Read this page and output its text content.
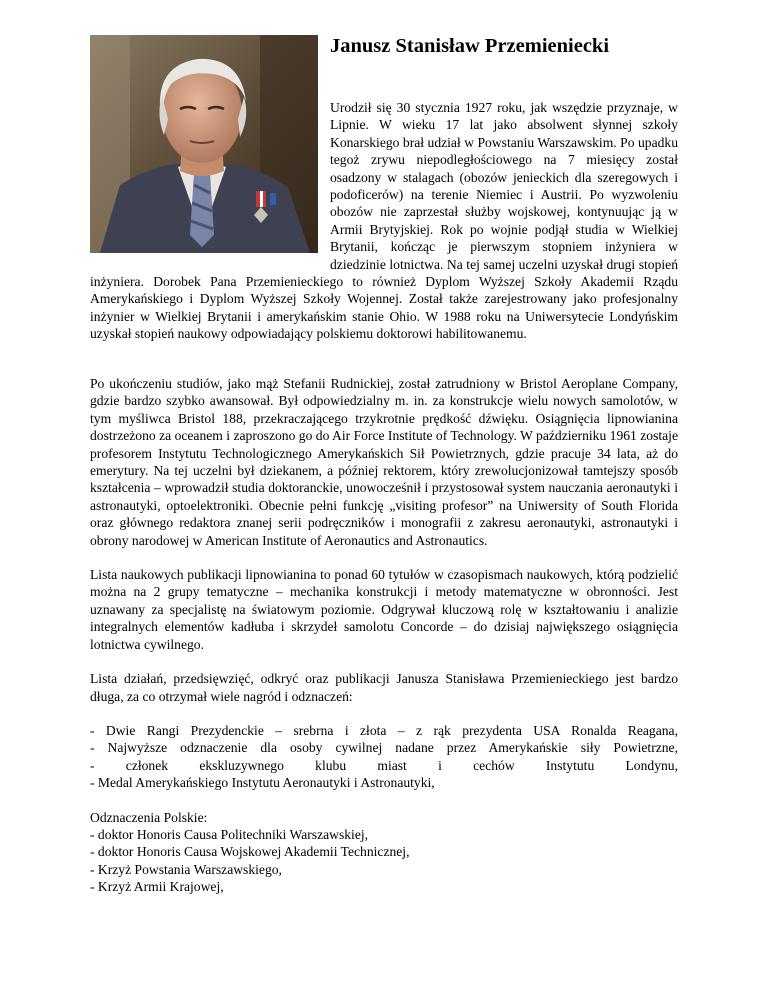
Janusz Stanisław Przemieniecki

Urodził się 30 stycznia 1927 roku, jak wszędzie przyznaje, w Lipnie. W wieku 17 lat jako absolwent słynnej szkoły Konarskiego brał udział w Powstaniu Warszawskim. Po upadku tegoż zrywu niepodległościowego na 7 miesięcy został osadzony w stalagach (obozów jenieckich dla szeregowych i podoficerów) na terenie Niemiec i Austrii. Po wyzwoleniu obozów nie zaprzestał służby wojskowej, kontynuując ją w Armii Brytyjskiej. Rok po wojnie podjął studia w Wielkiej Brytanii, kończąc je pierwszym stopniem inżyniera w dziedzinie lotnictwa. Na tej samej uczelni uzyskał drugi stopień inżyniera. Dorobek Pana Przemienieckiego to również Dyplom Wyższej Szkoły Akademii Rządu Amerykańskiego i Dyplom Wyższej Szkoły Wojennej. Został także zarejestrowany jako profesjonalny inżynier w Wielkiej Brytanii i amerykańskim stanie Ohio. W 1988 roku na Uniwersytecie Londyńskim uzyskał stopień naukowy odpowiadający polskiemu doktorowi habilitowanemu.

Po ukończeniu studiów, jako mąż Stefanii Rudnickiej, został zatrudniony w Bristol Aeroplane Company, gdzie bardzo szybko awansował. Był odpowiedzialny m. in. za konstrukcje wielu nowych samolotów, w tym myśliwca Bristol 188, przekraczającego trzykrotnie prędkość dźwięku. Osiągnięcia lipnowianina dostrzeżono za oceanem i zaproszono go do Air Force Institute of Technology. W październiku 1961 zostaje profesorem Instytutu Technologicznego Amerykańskich Sił Powietrznych, gdzie pracuje 34 lata, aż do emerytury. Na tej uczelni był dziekanem, a później rektorem, który zrewolucjonizował tamtejszy sposób kształcenia – wprowadził studia doktoranckie, unowocześnił i przystosował system nauczania aeronautyki i astronautyki, optoelektroniki. Obecnie pełni funkcję „visiting profesor” na Uniwersity of South Florida oraz głównego redaktora znanej serii podręczników i monografii z zakresu aeronautyki, astronautyki i obrony narodowej w American Institute of Aeronautics and Astronautics.

Lista naukowych publikacji lipnowianina to ponad 60 tytułów w czasopismach naukowych, którą podzielić można na 2 grupy tematyczne – mechanika konstrukcji i metody matematyczne w obronności. Jest uznawany za specjalistę na światowym poziomie. Odgrywał kluczową rolę w kształtowaniu i analizie integralnych elementów kadłuba i skrzydeł samolotu Concorde – do dzisiaj największego osiągnięcia lotnictwa cywilnego.

Lista działań, przedsięwzięć, odkryć oraz publikacji Janusza Stanisława Przemienieckiego jest bardzo długa, za co otrzymał wiele nagród i odznaczeń:

- Dwie Rangi Prezydenckie – srebrna i złota – z rąk prezydenta USA Ronalda Reagana,
- Najwyższe odznaczenie dla osoby cywilnej nadane przez Amerykańskie siły Powietrzne,
- członek ekskluzywnego klubu miast i cechów Instytutu Londynu,
- Medal Amerykańskiego Instytutu Aeronautyki i Astronautyki,
Odznaczenia Polskie:
- doktor Honoris Causa Politechniki Warszawskiej,
- doktor Honoris Causa Wojskowej Akademii Technicznej,
- Krzyż Powstania Warszawskiego,
- Krzyż Armii Krajowej,
